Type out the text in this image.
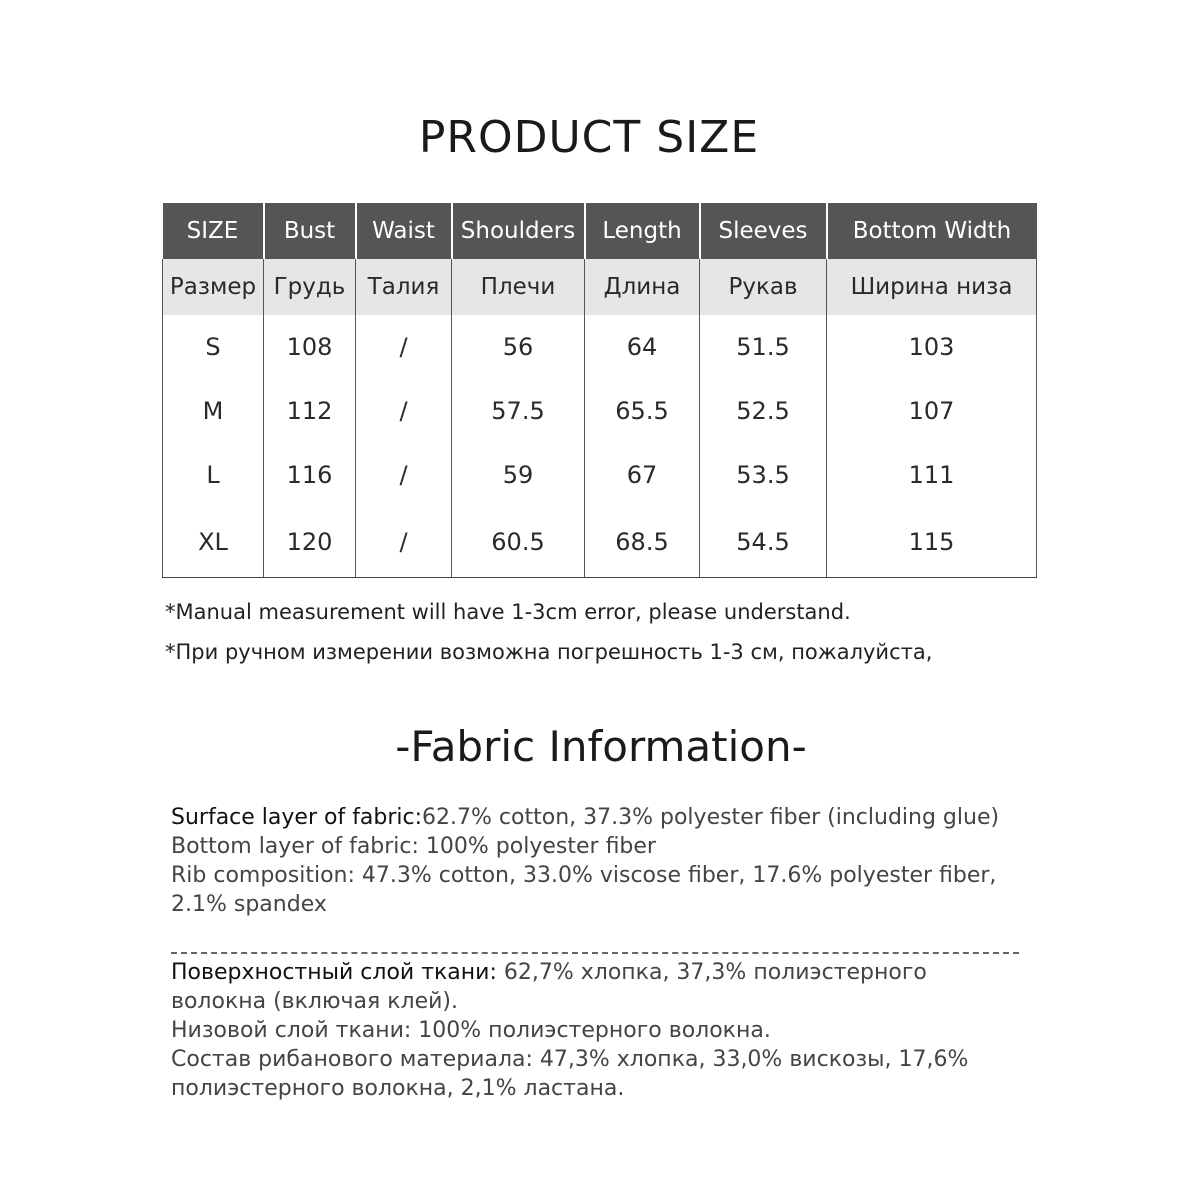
PRODUCT SIZE
SIZE	Bust	Waist	Shoulders	Length	Sleeves	Bottom Width
Размер	Грудь	Талия	Плечи	Длина	Рукав	Ширина низа
S	108	/	56	64	51.5	103
M	112	/	57.5	65.5	52.5	107
L	116	/	59	67	53.5	111
XL	120	/	60.5	68.5	54.5	115
*Manual measurement will have 1-3cm error, please understand.
*При ручном измерении возможна погрешность 1-3 см, пожалуйста,
-Fabric Information-

Surface layer of fabric:62.7% cotton, 37.3% polyester fiber (including glue)

Bottom layer of fabric: 100% polyester fiber

Rib composition: 47.3% cotton, 33.0% viscose fiber, 17.6% polyester fiber, 2.1% spandex

Поверхностный слой ткани: 62,7% хлопка, 37,3% полиэстерного волокна (включая клей).

Низовой слой ткани: 100% полиэстерного волокна.

Состав рибанового материала: 47,3% хлопка, 33,0% вискозы, 17,6% полиэстерного волокна, 2,1% ластана.
